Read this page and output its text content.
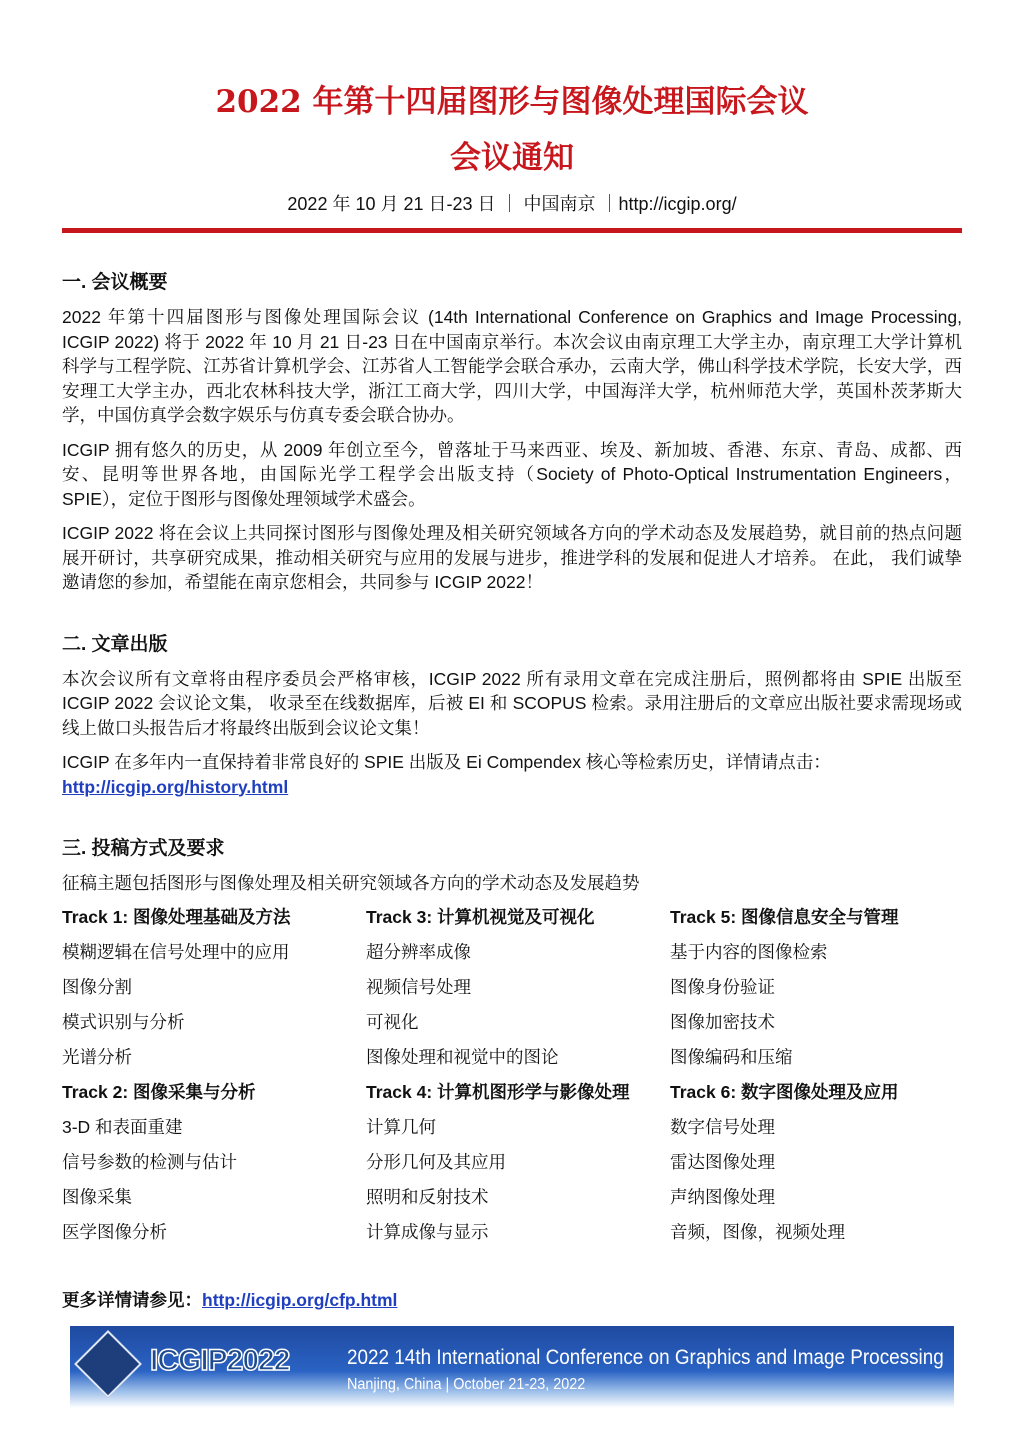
2022 年第十四届图形与图像处理国际会议
会议通知
2022 年 10 月 21 日-23 日 ｜ 中国南京 ｜http://icgip.org/
一. 会议概要

2022 年第十四届图形与图像处理国际会议 (14th International Conference on Graphics and Image Processing, ICGIP 2022) 将于 2022 年 10 月 21 日-23 日在中国南京举行。本次会议由南京理工大学主办，南京理工大学计算机科学与工程学院、江苏省计算机学会、江苏省人工智能学会联合承办，云南大学，佛山科学技术学院，长安大学，西安理工大学主办，西北农林科技大学，浙江工商大学，四川大学，中国海洋大学，杭州师范大学，英国朴茨茅斯大学，中国仿真学会数字娱乐与仿真专委会联合协办。

ICGIP 拥有悠久的历史，从 2009 年创立至今，曾落址于马来西亚、埃及、新加坡、香港、东京、青岛、成都、西安、昆明等世界各地，由国际光学工程学会出版支持（Society of Photo-Optical Instrumentation Engineers，SPIE），定位于图形与图像处理领域学术盛会。

ICGIP 2022 将在会议上共同探讨图形与图像处理及相关研究领域各方向的学术动态及发展趋势，就目前的热点问题展开研讨，共享研究成果，推动相关研究与应用的发展与进步，推进学科的发展和促进人才培养。 在此， 我们诚挚邀请您的参加，希望能在南京您相会，共同参与 ICGIP 2022！

二. 文章出版

本次会议所有文章将由程序委员会严格审核，ICGIP 2022 所有录用文章在完成注册后，照例都将由 SPIE 出版至 ICGIP 2022 会议论文集， 收录至在线数据库，后被 EI 和 SCOPUS 检索。录用注册后的文章应出版社要求需现场或线上做口头报告后才将最终出版到会议论文集！

ICGIP 在多年内一直保持着非常良好的 SPIE 出版及 Ei Compendex 核心等检索历史，详情请点击：

http://icgip.org/history.html
三. 投稿方式及要求

征稿主题包括图形与图像处理及相关研究领域各方向的学术动态及发展趋势

Track 1: 图像处理基础及方法	Track 3: 计算机视觉及可视化	Track 5: 图像信息安全与管理
模糊逻辑在信号处理中的应用	超分辨率成像	基于内容的图像检索
图像分割	视频信号处理	图像身份验证
模式识别与分析	可视化	图像加密技术
光谱分析	图像处理和视觉中的图论	图像编码和压缩
Track 2: 图像采集与分析	Track 4: 计算机图形学与影像处理	Track 6: 数字图像处理及应用
3-D 和表面重建	计算几何	数字信号处理
信号参数的检测与估计	分形几何及其应用	雷达图像处理
图像采集	照明和反射技术	声纳图像处理
医学图像分析	计算成像与显示	音频，图像，视频处理
更多详情请参见：http://icgip.org/cfp.html
ICGIP2022	2022 14th International Conference on Graphics and Image Processing
Nanjing, China | October 21-23, 2022
